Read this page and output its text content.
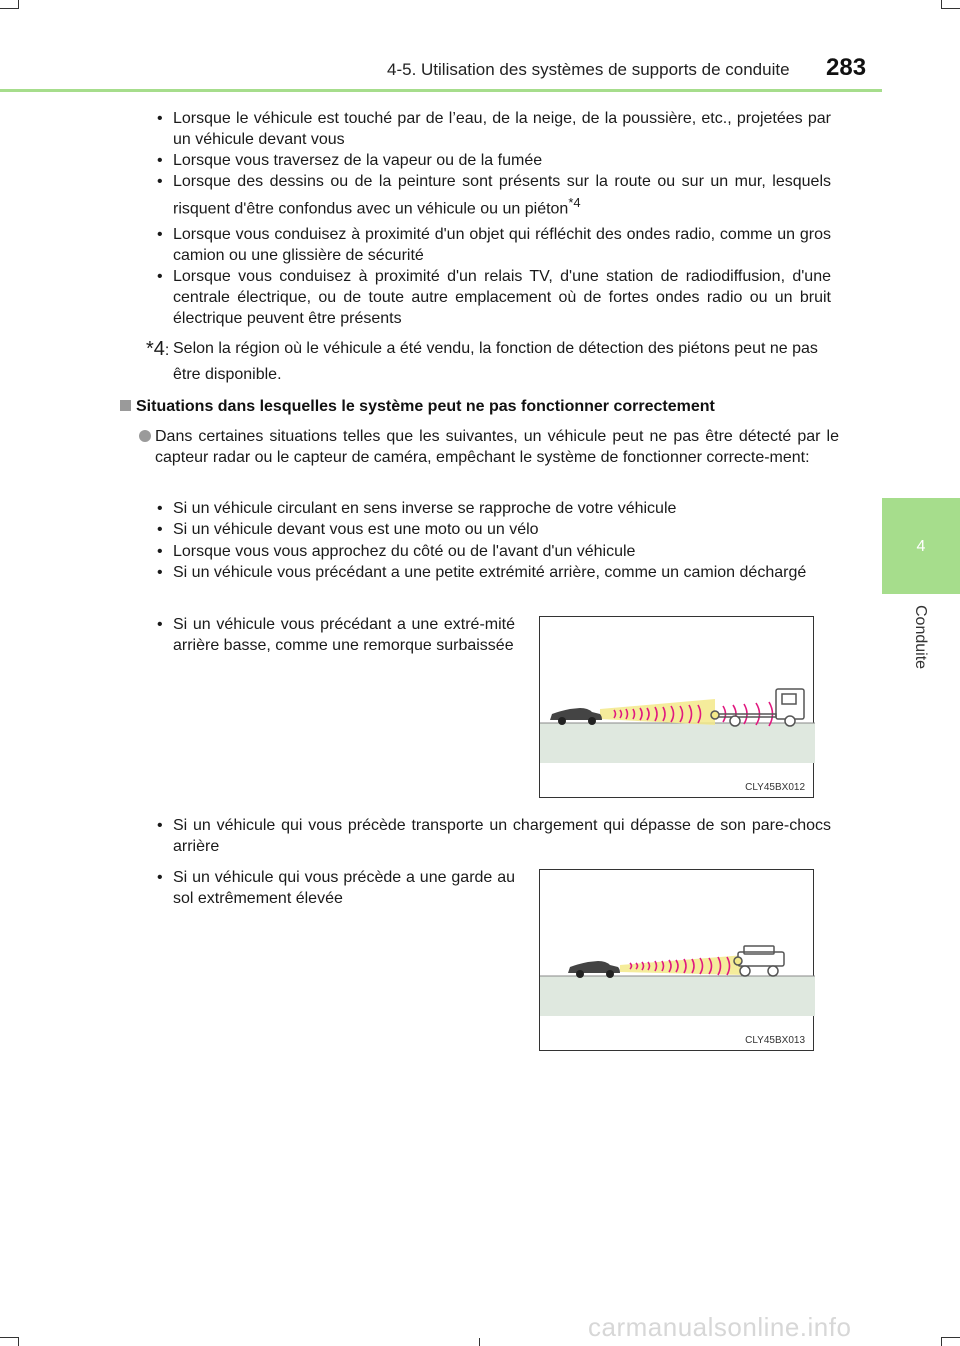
4-5. Utilisation des systèmes de supports de conduite 283
4
Conduite
• Lorsque le véhicule est touché par de l’eau, de la neige, de la poussière, etc., projetées par un véhicule devant vous
• Lorsque vous traversez de la vapeur ou de la fumée
• Lorsque des dessins ou de la peinture sont présents sur la route ou sur un mur, lesquels risquent d'être confondus avec un véhicule ou un piéton$^{*4}$
• Lorsque vous conduisez à proximité d'un objet qui réfléchit des ondes radio, comme un gros camion ou une glissière de sécurité
• Lorsque vous conduisez à proximité d'un relais TV, d'une station de radiodiffusion, d'une centrale électrique, ou de toute autre emplacement où de fortes ondes radio ou un bruit électrique peuvent être présents
*4: Selon la région où le véhicule a été vendu, la fonction de détection des piétons peut ne pas être disponible.
Situations dans lesquelles le système peut ne pas fonctionner correctement
Dans certaines situations telles que les suivantes, un véhicule peut ne pas être détecté par le capteur radar ou le capteur de caméra, empêchant le système de fonctionner correcte-ment:
• Si un véhicule circulant en sens inverse se rapproche de votre véhicule
• Si un véhicule devant vous est une moto ou un vélo
• Lorsque vous vous approchez du côté ou de l'avant d'un véhicule
• Si un véhicule vous précédant a une petite extrémité arrière, comme un camion déchargé
• Si un véhicule vous précédant a une extré-mité arrière basse, comme une remorque surbaissée
• Si un véhicule qui vous précède transporte un chargement qui dépasse de son pare-chocs arrière
• Si un véhicule qui vous précède a une garde au sol extrêmement élevée
CLY45BX012
CLY45BX013
carmanualsonline.info
